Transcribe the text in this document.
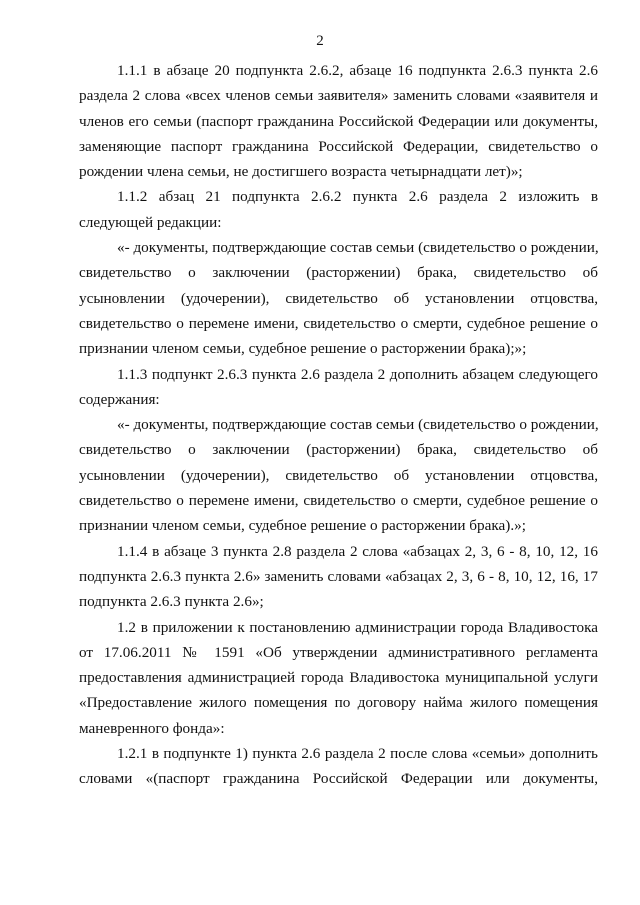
2

1.1.1 в абзаце 20 подпункта 2.6.2, абзаце 16 подпункта 2.6.3 пункта 2.6
раздела 2 слова «всех членов семьи заявителя» заменить словами «заявителя и
членов его семьи (паспорт гражданина Российской Федерации или документы,
заменяющие паспорт гражданина Российской Федерации, свидетельство о
рождении члена семьи, не достигшего возраста четырнадцати лет)»;

1.1.2 абзац 21 подпункта 2.6.2 пункта 2.6 раздела 2 изложить в
следующей редакции:

«- документы, подтверждающие состав семьи (свидетельство о рождении,
свидетельство о заключении (расторжении) брака, свидетельство об
усыновлении (удочерении), свидетельство об установлении отцовства,
свидетельство о перемене имени, свидетельство о смерти, судебное решение о
признании членом семьи, судебное решение о расторжении брака);»;

1.1.3 подпункт 2.6.3 пункта 2.6 раздела 2 дополнить абзацем следующего
содержания:

«- документы, подтверждающие состав семьи (свидетельство о рождении,
свидетельство о заключении (расторжении) брака, свидетельство об
усыновлении (удочерении), свидетельство об установлении отцовства,
свидетельство о перемене имени, свидетельство о смерти, судебное решение о
признании членом семьи, судебное решение о расторжении брака).»;

1.1.4 в абзаце 3 пункта 2.8 раздела 2 слова «абзацах 2, 3, 6 - 8, 10, 12, 16
подпункта 2.6.3 пункта 2.6» заменить словами «абзацах 2, 3, 6 - 8, 10, 12, 16, 17
подпункта 2.6.3 пункта 2.6»;

1.2 в приложении к постановлению администрации города Владивостока
от 17.06.2011 № 1591 «Об утверждении административного регламента
предоставления администрацией города Владивостока муниципальной услуги
«Предоставление жилого помещения по договору найма жилого помещения
маневренного фонда»:

1.2.1 в подпункте 1) пункта 2.6 раздела 2 после слова «семьи» дополнить
словами «(паспорт гражданина Российской Федерации или документы,
